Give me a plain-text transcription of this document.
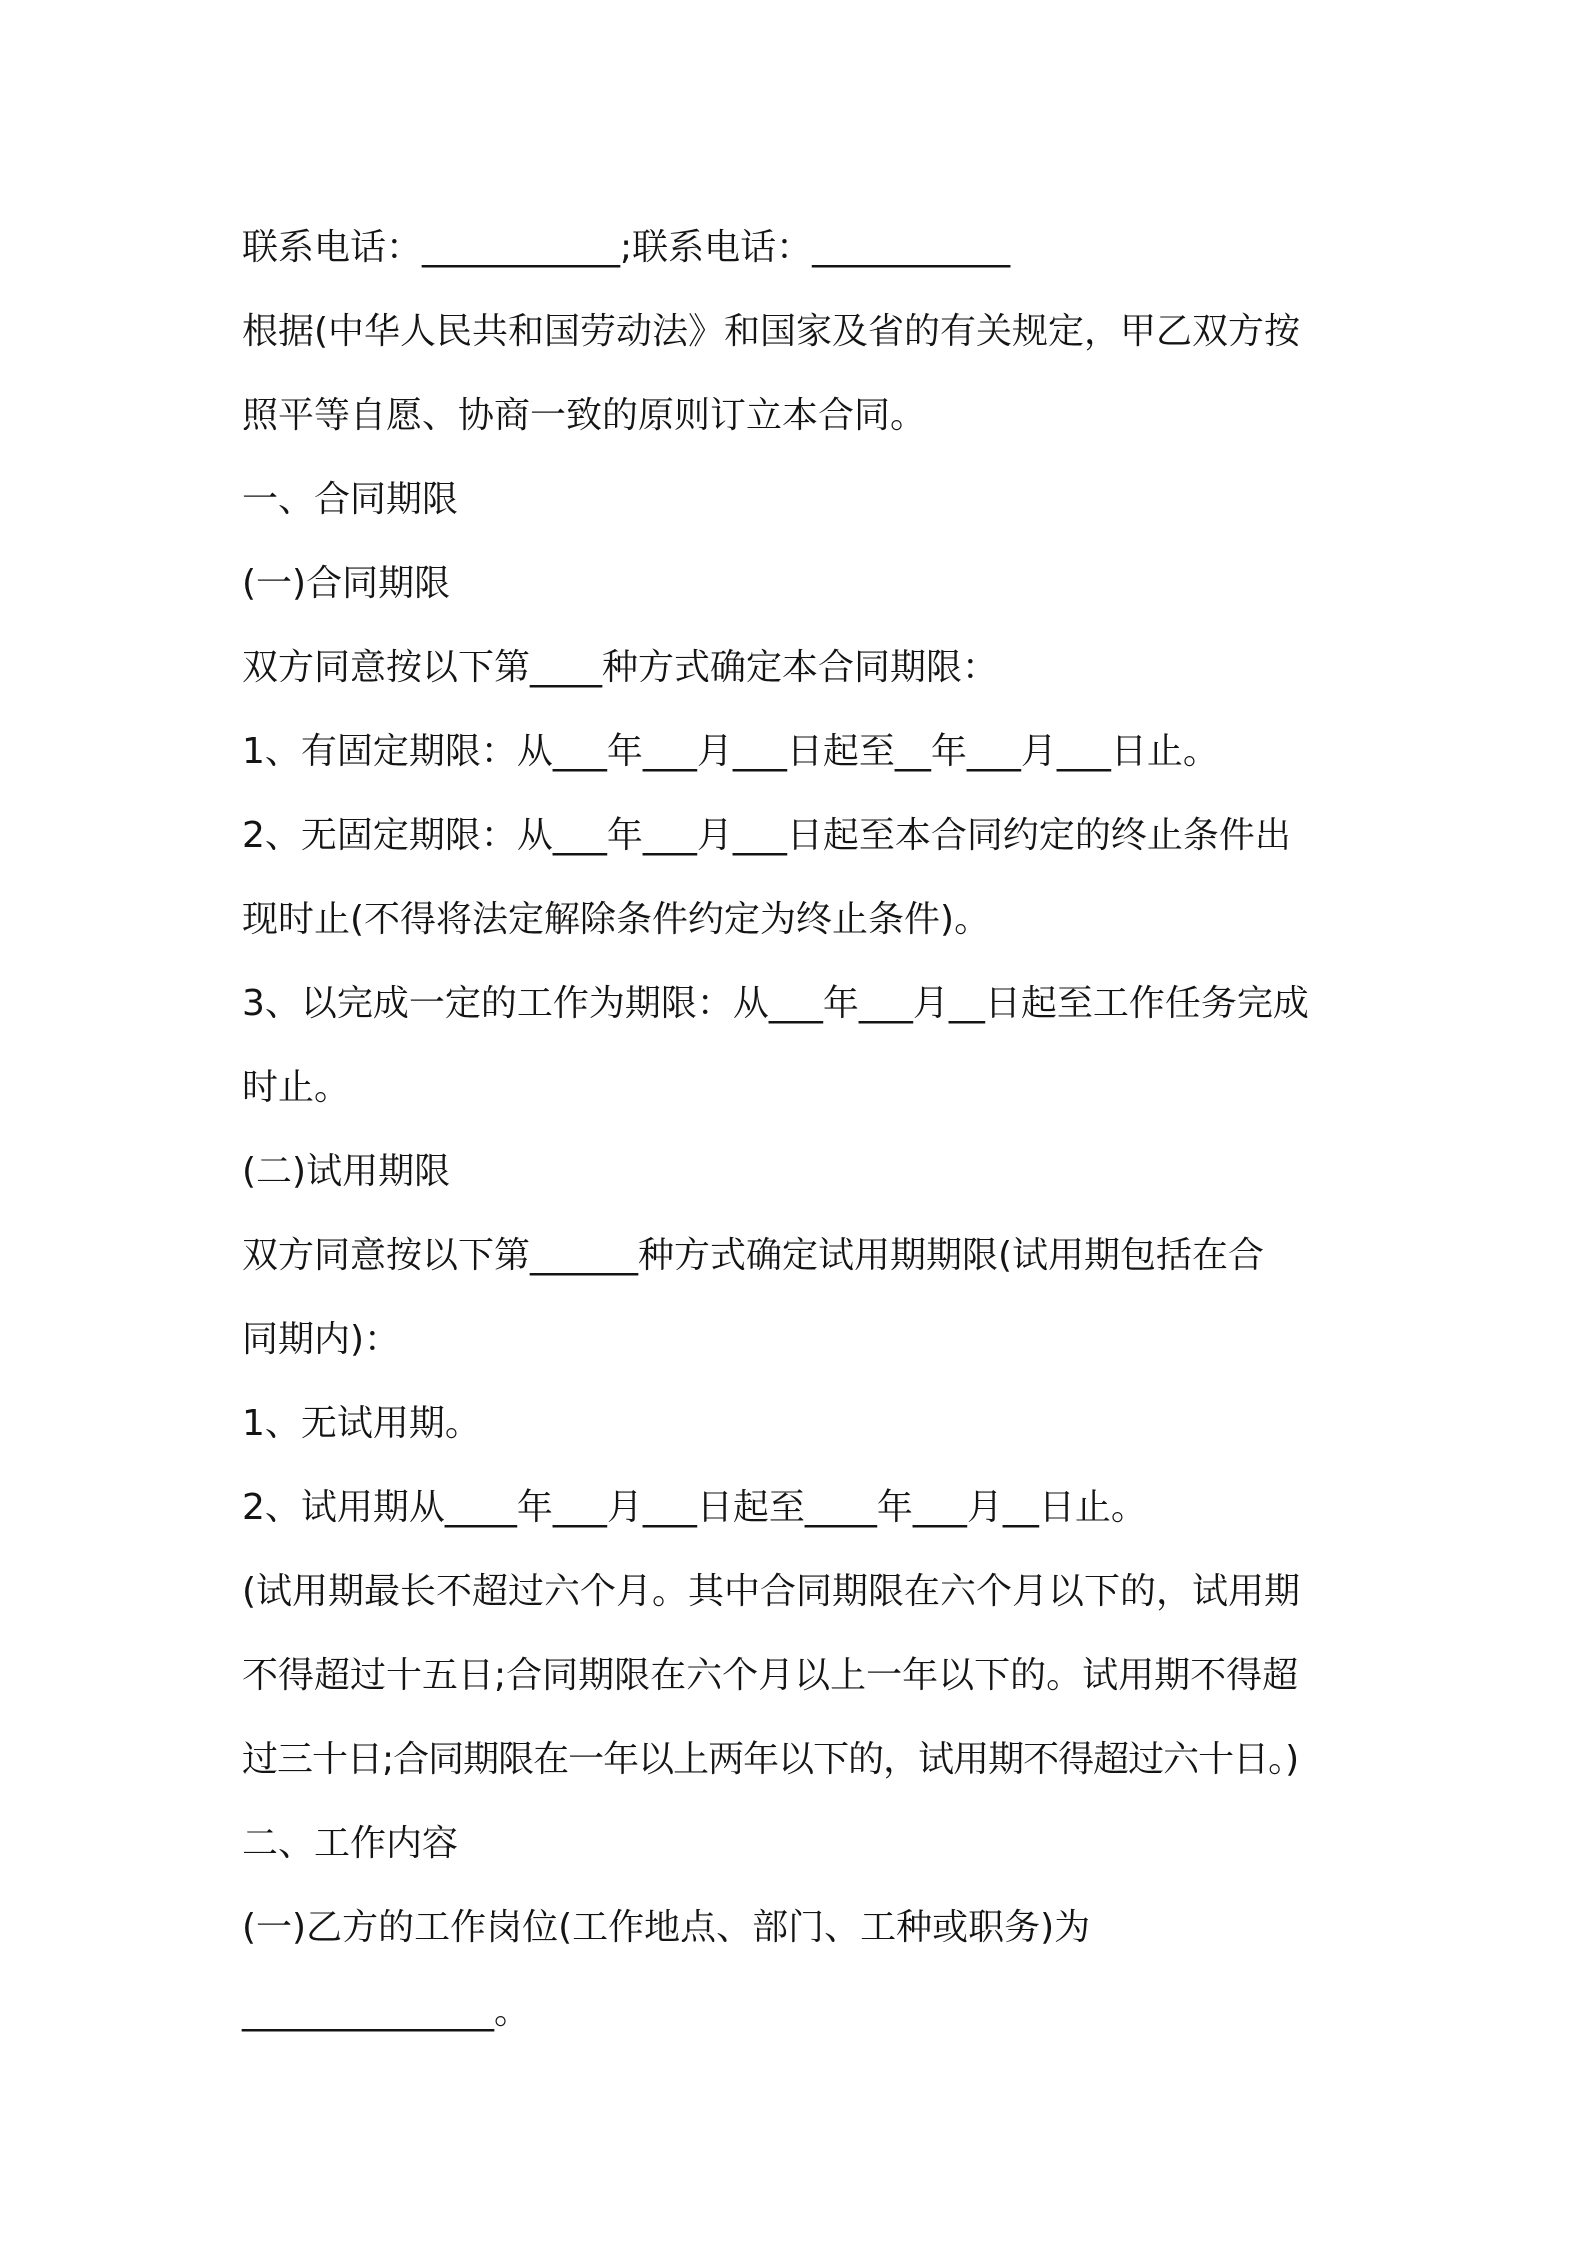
联系电话：___________;联系电话：___________
根据(中华人民共和国劳动法》和国家及省的有关规定，甲乙双方按
照平等自愿、协商一致的原则订立本合同。
一、合同期限
(一)合同期限
双方同意按以下第____种方式确定本合同期限：
1、有固定期限：从___年___月___日起至__年___月___日止。
2、无固定期限：从___年___月___日起至本合同约定的终止条件出
现时止(不得将法定解除条件约定为终止条件)。
3、以完成一定的工作为期限：从___年___月__日起至工作任务完成
时止。
(二)试用期限
双方同意按以下第______种方式确定试用期期限(试用期包括在合
同期内)：
1、无试用期。
2、试用期从____年___月___日起至____年___月__日止。
(试用期最长不超过六个月。其中合同期限在六个月以下的，试用期
不得超过十五日;合同期限在六个月以上一年以下的。试用期不得超
过三十日;合同期限在一年以上两年以下的，试用期不得超过六十日。)
二、工作内容
(一)乙方的工作岗位(工作地点、部门、工种或职务)为
______________。
